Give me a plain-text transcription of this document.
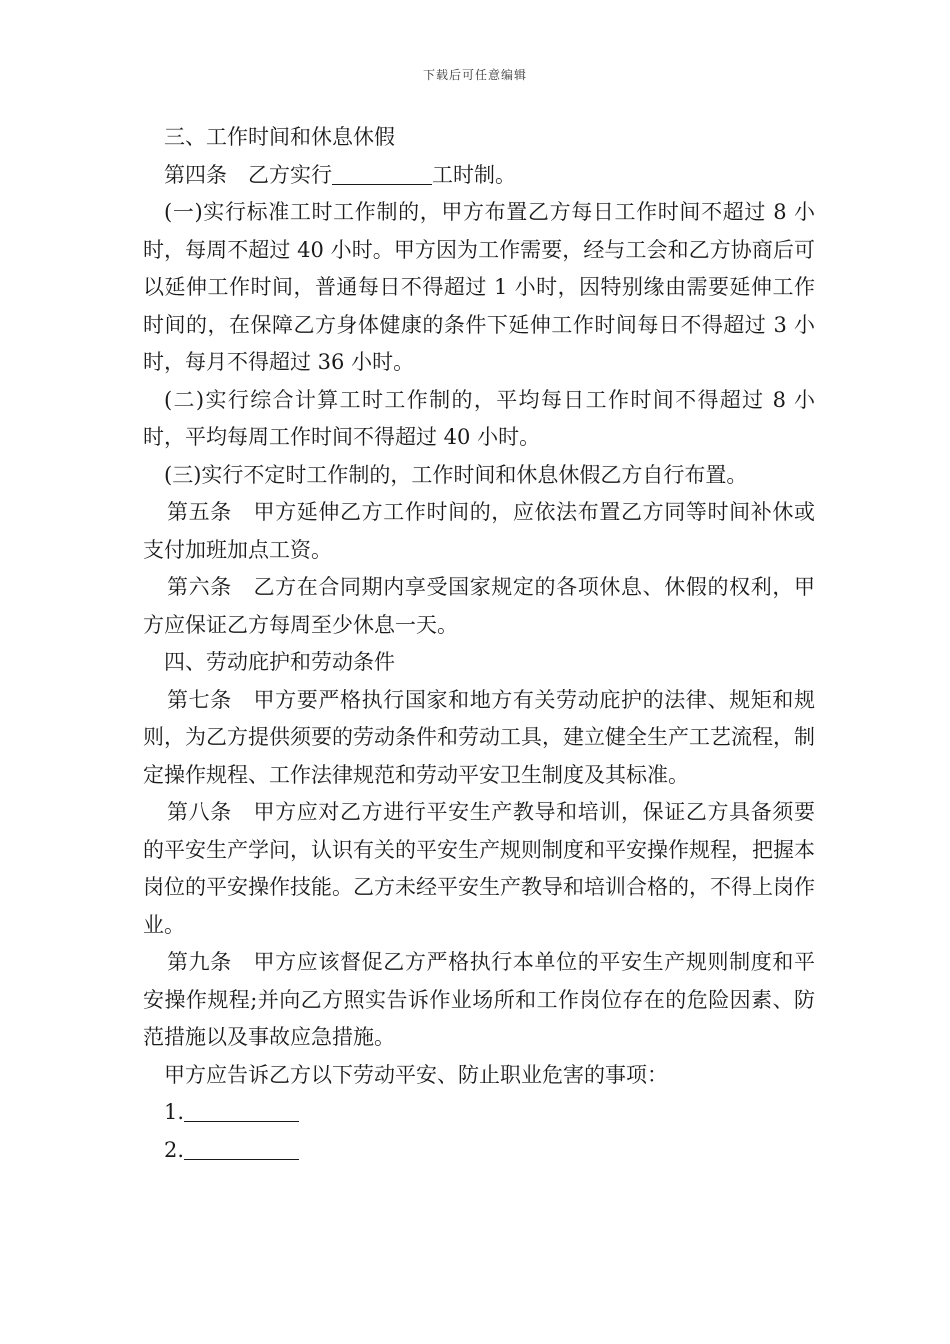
下载后可任意编辑

三、工作时间和休息休假

第四条　乙方实行	工时制。

(一)实行标准工时工作制的，甲方布置乙方每日工作时间不超过 8 小时，每周不超过 40 小时。甲方因为工作需要，经与工会和乙方协商后可以延伸工作时间，普通每日不得超过 1 小时，因特别缘由需要延伸工作时间的，在保障乙方身体健康的条件下延伸工作时间每日不得超过 3 小时，每月不得超过 36 小时。

(二)实行综合计算工时工作制的，平均每日工作时间不得超过 8 小时，平均每周工作时间不得超过 40 小时。

(三)实行不定时工作制的，工作时间和休息休假乙方自行布置。

第五条　甲方延伸乙方工作时间的，应依法布置乙方同等时间补休或支付加班加点工资。

第六条　乙方在合同期内享受国家规定的各项休息、休假的权利，甲方应保证乙方每周至少休息一天。

四、劳动庇护和劳动条件

第七条　甲方要严格执行国家和地方有关劳动庇护的法律、规矩和规则，为乙方提供须要的劳动条件和劳动工具，建立健全生产工艺流程，制定操作规程、工作法律规范和劳动平安卫生制度及其标准。

第八条　甲方应对乙方进行平安生产教导和培训，保证乙方具备须要的平安生产学问，认识有关的平安生产规则制度和平安操作规程，把握本岗位的平安操作技能。乙方未经平安生产教导和培训合格的，不得上岗作业。

第九条　甲方应该督促乙方严格执行本单位的平安生产规则制度和平安操作规程;并向乙方照实告诉作业场所和工作岗位存在的危险因素、防范措施以及事故应急措施。

甲方应告诉乙方以下劳动平安、防止职业危害的事项：

1.

2.
